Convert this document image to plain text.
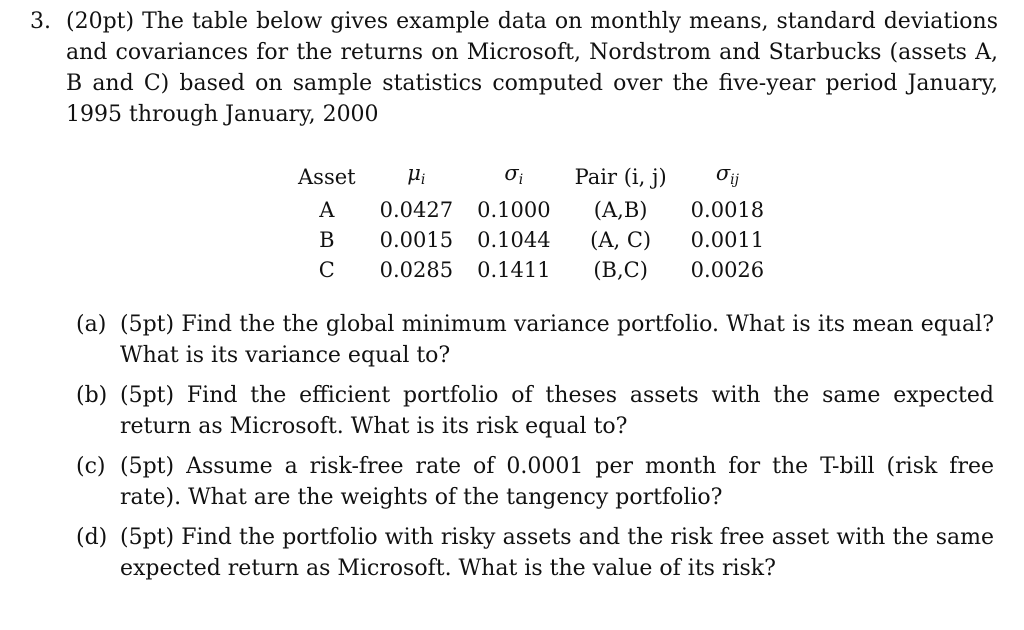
3. (20pt) The table below gives example data on monthly means, standard deviations and covariances for the returns on Microsoft, Nordstrom and Starbucks (assets A, B and C) based on sample statistics computed over the five-year period January, 1995 through January, 2000
Asset	$\mu_i$	$\sigma_i$	Pair (i, j)	$\sigma_{ij}$
A	0.0427	0.1000	(A,B)	0.0018
B	0.0015	0.1044	(A, C)	0.0011
C	0.0285	0.1411	(B,C)	0.0026
(a) (5pt) Find the the global minimum variance portfolio. What is its mean equal? What is its variance equal to?
(b) (5pt) Find the efficient portfolio of theses assets with the same expected return as Microsoft. What is its risk equal to?
(c) (5pt) Assume a risk-free rate of 0.0001 per month for the T-bill (risk free rate). What are the weights of the tangency portfolio?
(d) (5pt) Find the portfolio with risky assets and the risk free asset with the same expected return as Microsoft. What is the value of its risk?
